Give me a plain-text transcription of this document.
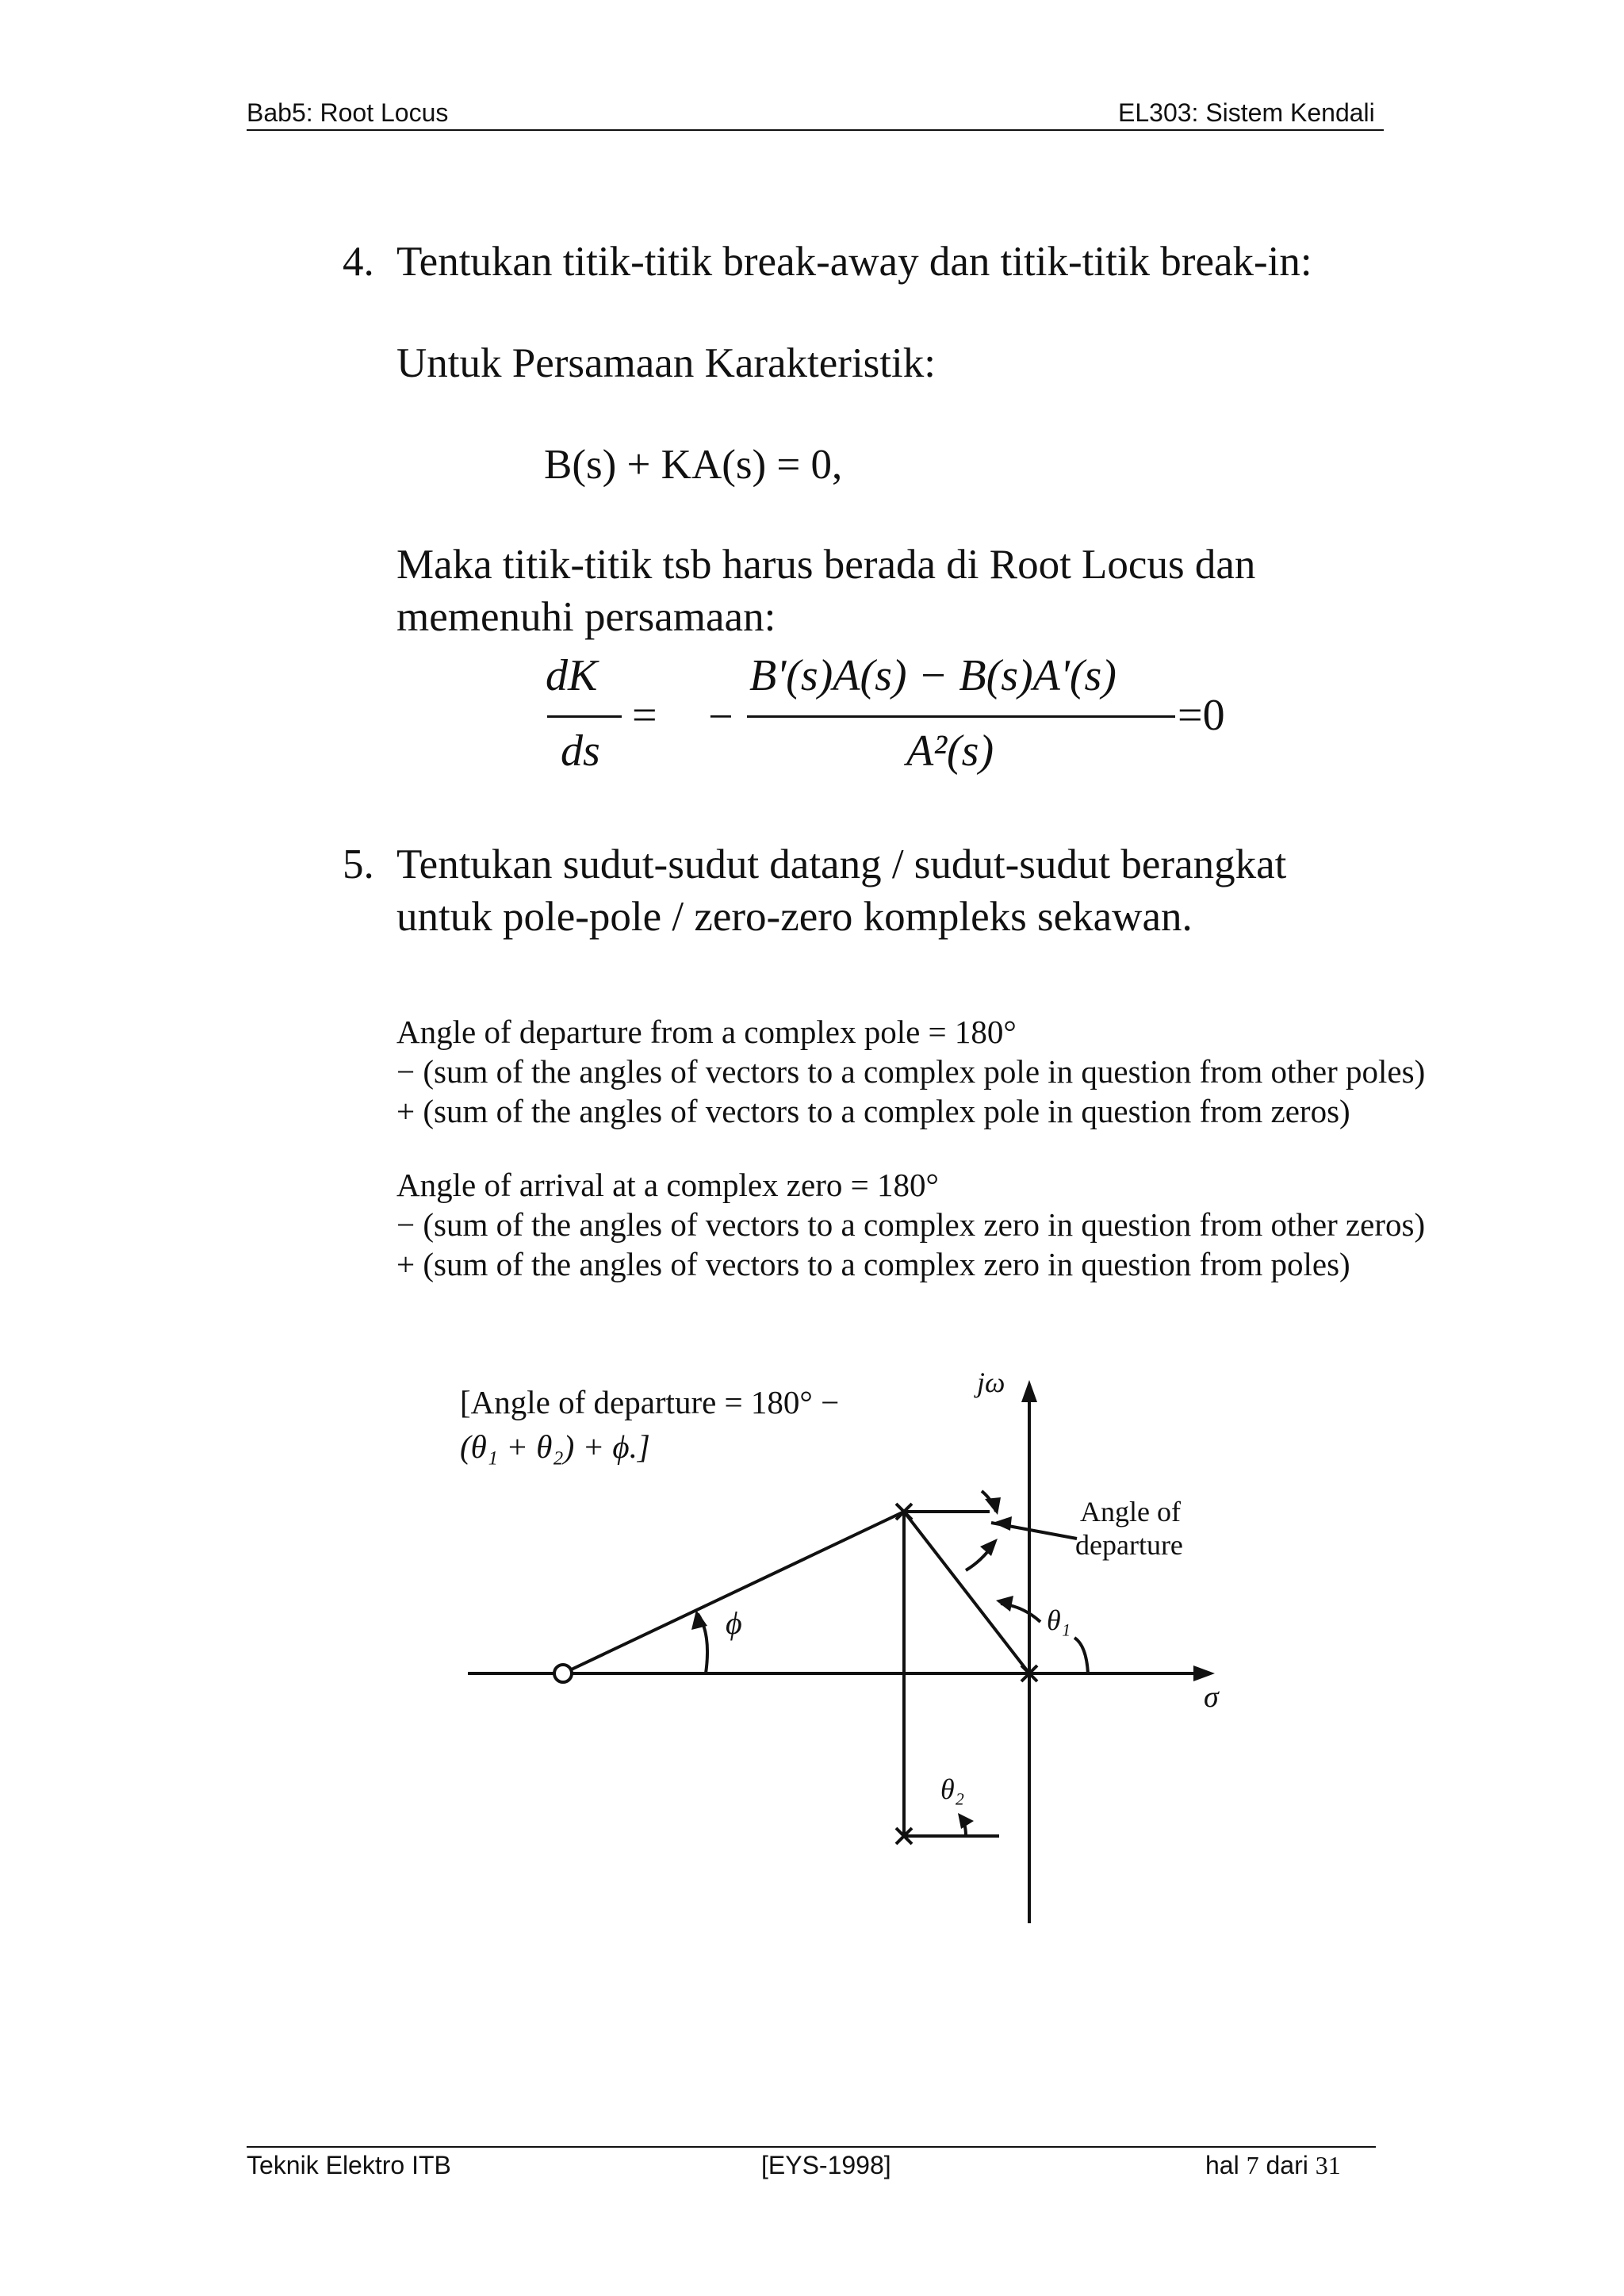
Bab5: Root Locus	EL303: Sistem Kendali
4. Tentukan titik-titik break-away dan titik-titik break-in:
Untuk Persamaan Karakteristik:
B(s) + KA(s) = 0,
Maka titik-titik tsb harus berada di Root Locus dan
memenuhi persamaan:
dK
ds
= −
B'(s)A(s) − B(s)A'(s)
A²(s)
=0
5. Tentukan sudut-sudut datang / sudut-sudut berangkat
untuk pole-pole / zero-zero kompleks sekawan.
Angle of departure from a complex pole = 180°
− (sum of the angles of vectors to a complex pole in question from other poles)
+ (sum of the angles of vectors to a complex pole in question from zeros)
Angle of arrival at a complex zero = 180°
− (sum of the angles of vectors to a complex zero in question from other zeros)
+ (sum of the angles of vectors to a complex zero in question from poles)
[Angle of departure = 180° −
(θ₁ + θ₂) + ϕ.]
jω
σ
ϕ	θ₁
θ₂
Angle of
departure
Teknik Elektro ITB	[EYS-1998]	hal 7 dari 31
